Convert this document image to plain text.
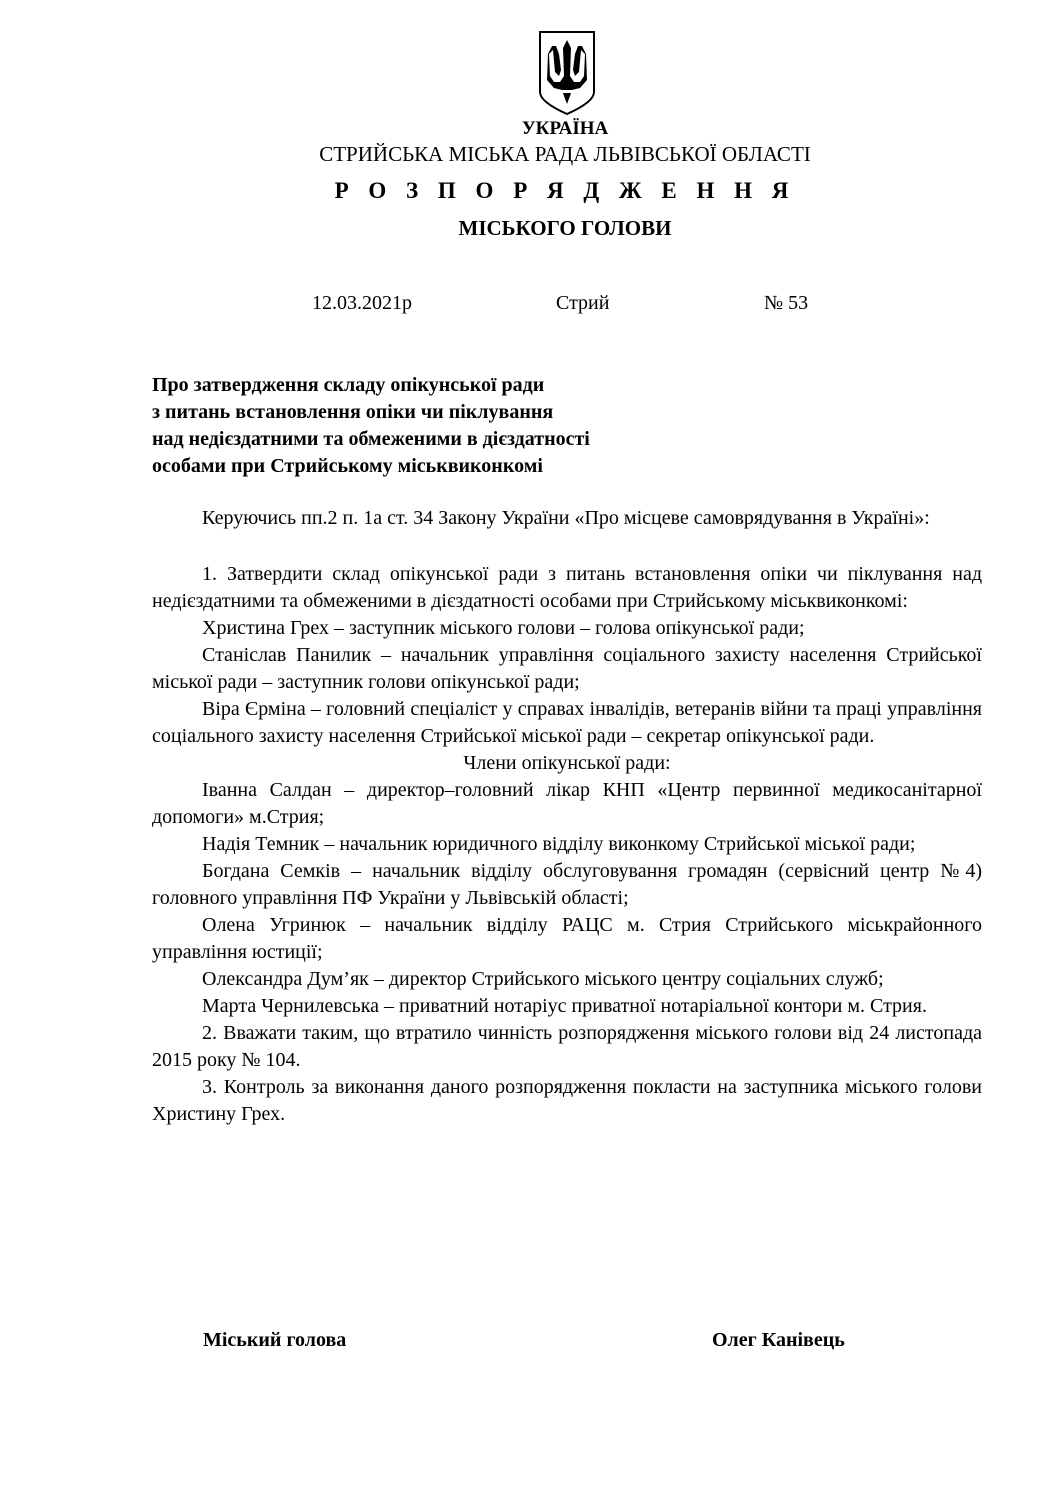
УКРАЇНА
СТРИЙСЬКА МІСЬКА РАДА ЛЬВІВСЬКОЇ ОБЛАСТІ
Р О З П О Р Я Д Ж Е Н Н Я
МІСЬКОГО ГОЛОВИ
12.03.2021р	Стрий	№ 53
Про затвердження складу опікунської ради
з питань встановлення опіки чи піклування
над недієздатними та обмеженими в дієздатності
особами при Стрийському міськвиконкомі

Керуючись пп.2 п. 1а ст. 34 Закону України «Про місцеве самоврядування в Україні»:

1. Затвердити склад опікунської ради з питань встановлення опіки чи піклування над недієздатними та обмеженими в дієздатності особами при Стрийському міськвиконкомі:

Христина Грех – заступник міського голови – голова опікунської ради;

Станіслав Панилик – начальник управління соціального захисту населення Стрийської міської ради – заступник голови опікунської ради;

Віра Єрміна – головний спеціаліст у справах інвалідів, ветеранів війни та праці управління соціального захисту населення Стрийської міської ради – секретар опікунської ради.

Члени опікунської ради:

Іванна Салдан – директор–головний лікар КНП «Центр первинної медикосанітарної допомоги» м.Стрия;

Надія Темник – начальник юридичного відділу виконкому Стрийської міської ради;

Богдана Семків – начальник відділу обслуговування громадян (сервісний центр №4) головного управління ПФ України у Львівській області;

Олена Угринюк – начальник відділу РАЦС м. Стрия Стрийського міськрайонного управління юстиції;

Олександра Дум’як – директор Стрийського міського центру соціальних служб;

Марта Чернилевська – приватний нотаріус приватної нотаріальної контори м. Стрия.

2. Вважати таким, що втратило чинність розпорядження міського голови від 24 листопада 2015 року № 104.

3. Контроль за виконання даного розпорядження покласти на заступника міського голови Христину Грех.

Міський голова	Олег Канівець
